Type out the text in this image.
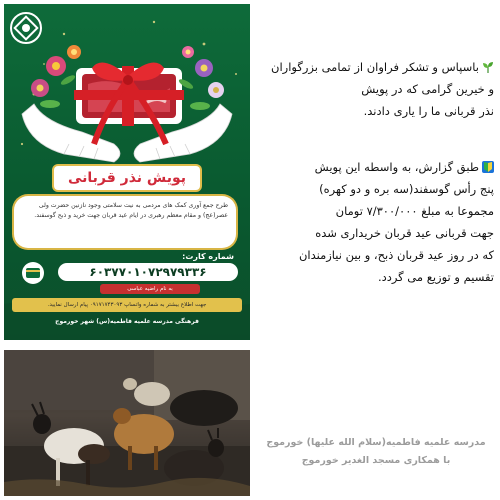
پویش نذر قربانی
طرح جمع آوری کمک های مردمی به نیت سلامتی وجود نازنین حضرت ولی عصر(عج) و مقام معظم رهبری در ایام عید قربان جهت خرید و ذبح گوسفند.
شماره کارت:
۶۰۳۷۷۰۱۰۷۲۹۷۹۳۳۶
به نام راضیه عباسی
جهت اطلاع بیشتر به شماره واتساپ ۰۹۱۷۱۷۴۳۰۹۳ پیام ارسال نمایید.
فرهنگی مدرسه علمیه فاطمیه(س) شهر خورموج

باسپاس و تشکر فراوان از تمامی بزرگواران

و خیرین گرامی که در پویش

نذر قربانی ما را یاری دادند.

طبق گزارش، به واسطه این پویش

پنج رأس گوسفند(سه بره و دو کهره)

مجموعا به مبلغ ۷/۳۰۰/۰۰۰ تومان

جهت قربانی عید قربان خریداری شده

که در روز عید قربان ذبح، و بین نیازمندان

تقسیم و توزیع می گردد.

مدرسه علمیه فاطمیه(سلام الله علیها) خورموج
با همکاری مسجد الغدیر خورموج
